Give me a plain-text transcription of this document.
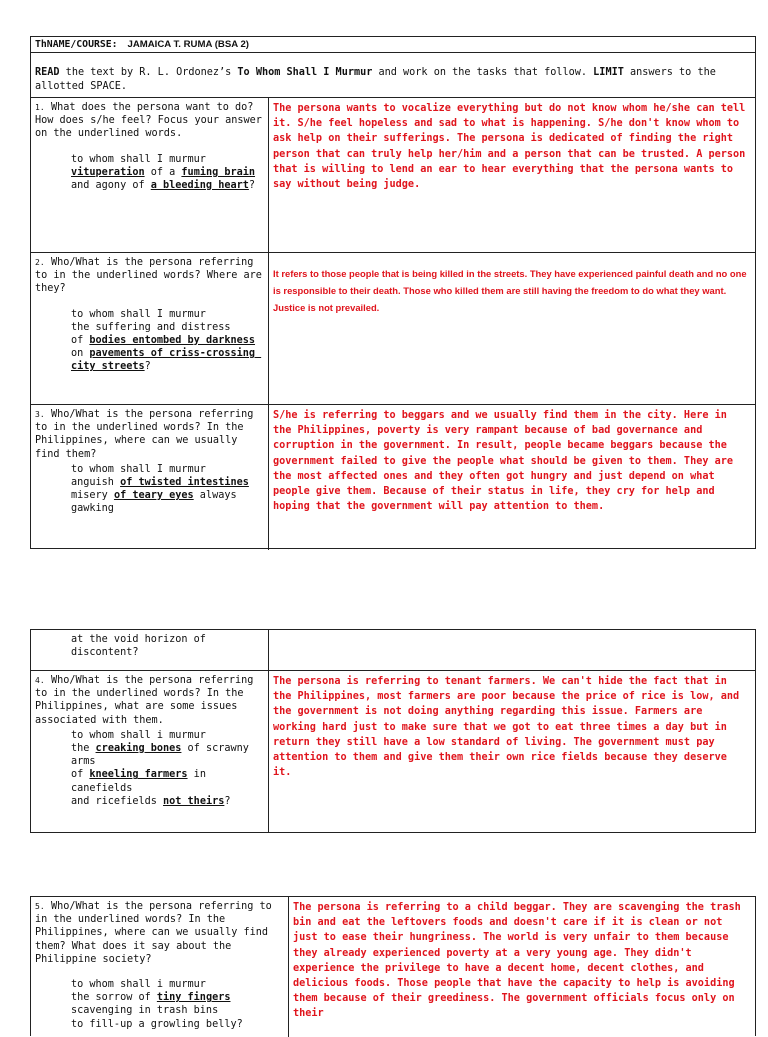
ThNAME/COURSE: JAMAICA T. RUMA (BSA 2)
READ the text by R. L. Ordonez’s To Whom Shall I Murmur and work on the tasks that follow. LIMIT answers to the allotted SPACE.
1. What does the persona want to do? How does s/he feel? Focus your answer on the underlined words.
to whom shall I murmur
vituperation of a fuming brain
and agony of a bleeding heart?
The persona wants to vocalize everything but do not know whom he/she can tell it. S/he feel hopeless and sad to what is happening. S/he don't know whom to ask help on their sufferings. The persona is dedicated of finding the right person that can truly help her/him and a person that can be trusted. A person that is willing to lend an ear to hear everything that the persona wants to say without being judge.
2. Who/What is the persona referring to in the underlined words? Where are they?
to whom shall I murmur
the suffering and distress
of bodies entombed by darkness on pavements of criss-crossing city streets?
It refers to those people that is being killed in the streets. They have experienced painful death and no one is responsible to their death. Those who killed them are still having the freedom to do what they want. Justice is not prevailed.
3. Who/What is the persona referring to in the underlined words? In the Philippines, where can we usually find them?
to whom shall I murmur
anguish of twisted intestines
misery of teary eyes always gawking
S/he is referring to beggars and we usually find them in the city. Here in the Philippines, poverty is very rampant because of bad governance and corruption in the government. In result, people became beggars because the government failed to give the people what should be given to them. They are the most affected ones and they often got hungry and just depend on what people give them. Because of their status in life, they cry for help and hoping that the government will pay attention to them.
at the void horizon of discontent?
4. Who/What is the persona referring to in the underlined words? In the Philippines, what are some issues associated with them.
to whom shall i murmur
the creaking bones of scrawny arms
of kneeling farmers in canefields
and ricefields not theirs?
The persona is referring to tenant farmers. We can't hide the fact that in the Philippines, most farmers are poor because the price of rice is low, and the government is not doing anything regarding this issue. Farmers are working hard just to make sure that we got to eat three times a day but in return they still have a low standard of living. The government must pay attention to them and give them their own rice fields because they deserve it.
5. Who/What is the persona referring to in the underlined words? In the Philippines, where can we usually find them? What does it say about the Philippine society?
to whom shall i murmur
the sorrow of tiny fingers
scavenging in trash bins
to fill-up a growling belly?
The persona is referring to a child beggar. They are scavenging the trash bin and eat the leftovers foods and doesn't care if it is clean or not just to ease their hungriness. The world is very unfair to them because they already experienced poverty at a very young age. They didn't experience the privilege to have a decent home, decent clothes, and delicious foods. Those people that have the capacity to help is avoiding them because of their greediness. The government officials focus only on their
